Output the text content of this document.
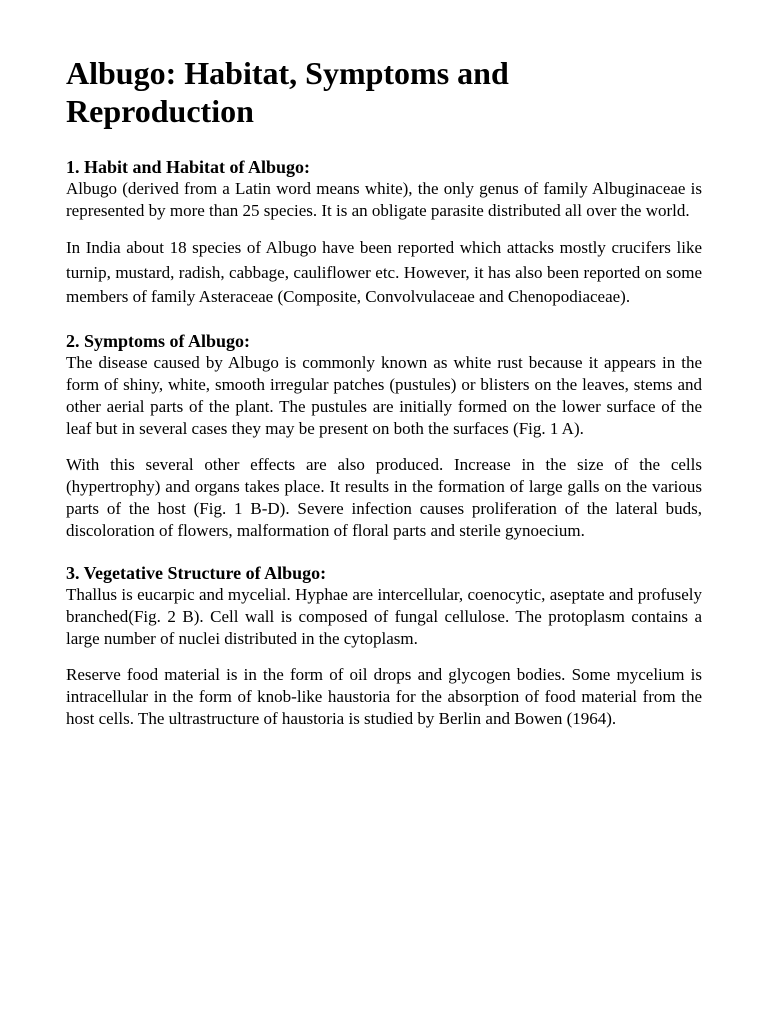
Albugo: Habitat, Symptoms and Reproduction
1. Habit and Habitat of Albugo:

Albugo (derived from a Latin word means white), the only genus of family Albuginaceae is represented by more than 25 species. It is an obligate parasite distributed all over the world.

In India about 18 species of Albugo have been reported which attacks mostly crucifers like turnip, mustard, radish, cabbage, cauliflower etc. However, it has also been reported on some members of family Asteraceae (Composite, Convolvulaceae and Chenopodiaceae).

2. Symptoms of Albugo:

The disease caused by Albugo is commonly known as white rust because it appears in the form of shiny, white, smooth irregular patches (pustules) or blisters on the leaves, stems and other aerial parts of the plant. The pustules are initially formed on the lower surface of the leaf but in several cases they may be present on both the surfaces (Fig. 1 A).

With this several other effects are also produced. Increase in the size of the cells (hypertrophy) and organs takes place. It results in the formation of large galls on the various parts of the host (Fig. 1 B-D). Severe infection causes proliferation of the lateral buds, discoloration of flowers, malformation of floral parts and sterile gynoecium.

3. Vegetative Structure of Albugo:

Thallus is eucarpic and mycelial. Hyphae are intercellular, coenocytic, aseptate and profusely branched(Fig. 2 B). Cell wall is composed of fungal cellulose. The protoplasm contains a large number of nuclei distributed in the cytoplasm.

Reserve food material is in the form of oil drops and glycogen bodies. Some mycelium is intracellular in the form of knob-like haustoria for the absorption of food material from the host cells. The ultrastructure of haustoria is studied by Berlin and Bowen (1964).
